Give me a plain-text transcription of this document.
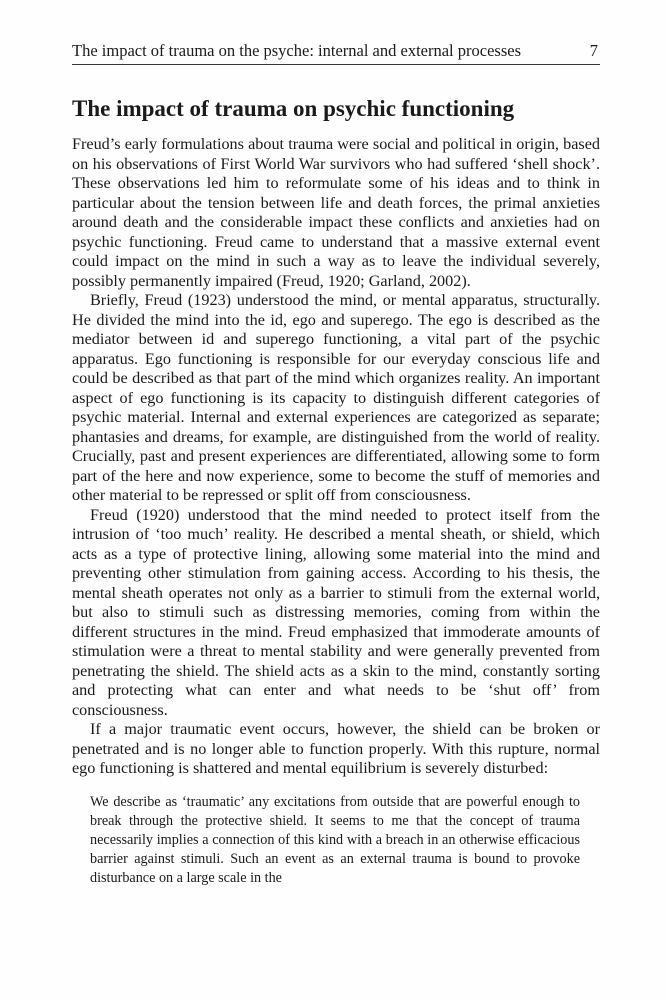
The impact of trauma on the psyche: internal and external processes	7
The impact of trauma on psychic functioning

Freud’s early formulations about trauma were social and political in origin, based on his observations of First World War survivors who had suffered ‘shell shock’. These observations led him to reformulate some of his ideas and to think in particular about the tension between life and death forces, the primal anxieties around death and the considerable impact these conflicts and anxieties had on psychic functioning. Freud came to understand that a massive external event could impact on the mind in such a way as to leave the individual severely, possibly permanently impaired (Freud, 1920; Garland, 2002).

Briefly, Freud (1923) understood the mind, or mental apparatus, structurally. He divided the mind into the id, ego and superego. The ego is described as the mediator between id and superego functioning, a vital part of the psychic apparatus. Ego functioning is responsible for our everyday conscious life and could be described as that part of the mind which organizes reality. An important aspect of ego functioning is its capacity to distinguish different categories of psychic material. Internal and external experiences are categorized as separate; phantasies and dreams, for example, are distinguished from the world of reality. Crucially, past and present experiences are differentiated, allowing some to form part of the here and now experience, some to become the stuff of memories and other material to be repressed or split off from consciousness.

Freud (1920) understood that the mind needed to protect itself from the intrusion of ‘too much’ reality. He described a mental sheath, or shield, which acts as a type of protective lining, allowing some material into the mind and preventing other stimulation from gaining access. According to his thesis, the mental sheath operates not only as a barrier to stimuli from the external world, but also to stimuli such as distressing memories, coming from within the different structures in the mind. Freud emphasized that immoderate amounts of stimulation were a threat to mental stability and were generally prevented from penetrating the shield. The shield acts as a skin to the mind, constantly sorting and protecting what can enter and what needs to be ‘shut off’ from consciousness.

If a major traumatic event occurs, however, the shield can be broken or penetrated and is no longer able to function properly. With this rupture, normal ego functioning is shattered and mental equilibrium is severely disturbed:

We describe as ‘traumatic’ any excitations from outside that are powerful enough to break through the protective shield. It seems to me that the concept of trauma necessarily implies a connection of this kind with a breach in an otherwise efficacious barrier against stimuli. Such an event as an external trauma is bound to provoke disturbance on a large scale in the
